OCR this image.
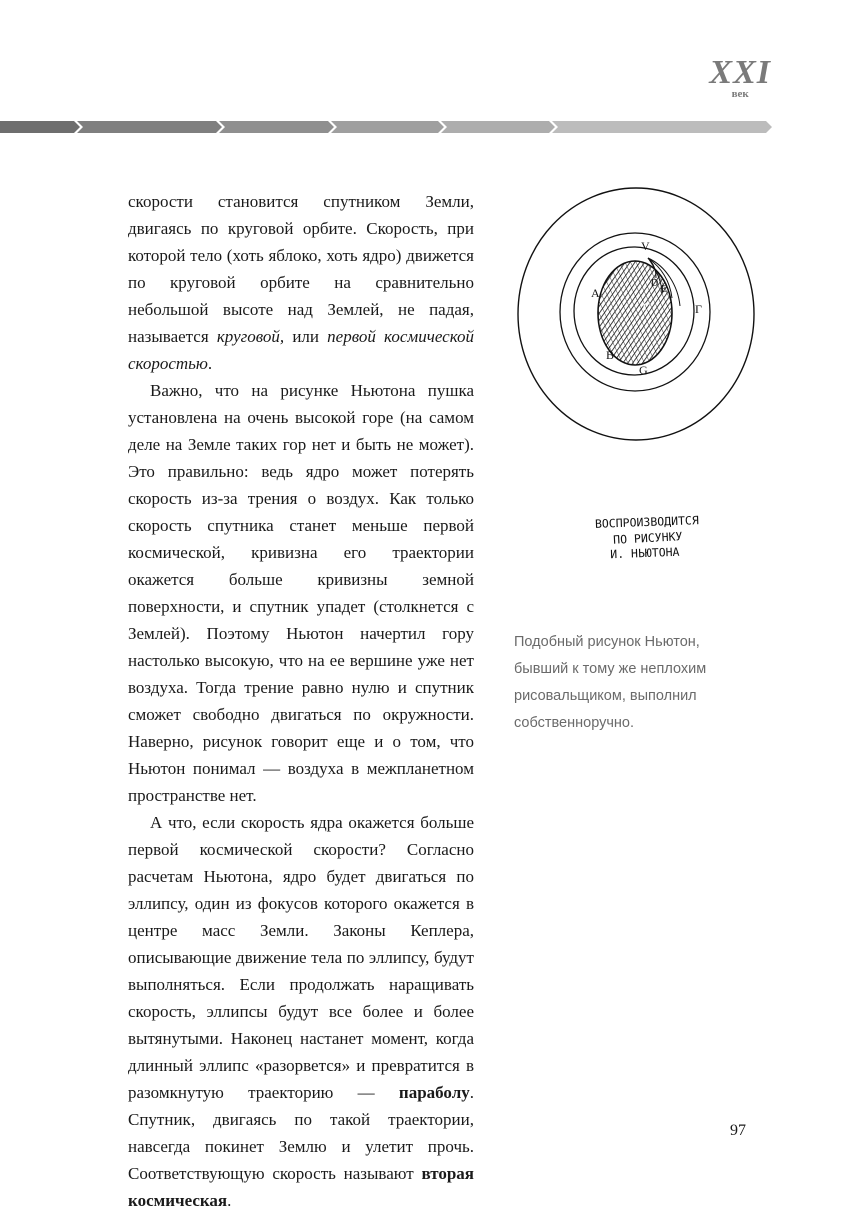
XXI
век

скорости становится спутником Земли, двигаясь по круговой орбите. Скорость, при которой тело (хоть яблоко, хоть ядро) движется по круговой орбите на сравнительно небольшой высоте над Землей, не падая, называется круговой, или первой космической скоростью.

Важно, что на рисунке Ньютона пушка установлена на очень высокой горе (на самом деле на Земле таких гор нет и быть не может). Это правильно: ведь ядро может потерять скорость из-за трения о воздух. Как только скорость спутника станет меньше первой космической, кривизна его траектории окажется больше кривизны земной поверхности, и спутник упадет (столкнется с Землей). Поэтому Ньютон начертил гору настолько высокую, что на ее вершине уже нет воздуха. Тогда трение равно нулю и спутник сможет свободно двигаться по окружности. Наверно, рисунок говорит еще и о том, что Ньютон понимал — воздуха в межпланетном пространстве нет.

А что, если скорость ядра окажется больше первой космической скорости? Согласно расчетам Ньютона, ядро будет двигаться по эллипсу, один из фокусов которого окажется в центре масс Земли. Законы Кеплера, описывающие движение тела по эллипсу, будут выполняться. Если продолжать наращивать скорость, эллипсы будут все более и более вытянутыми. Наконец настанет момент, когда длинный эллипс «разорвется» и превратится в разомкнутую траекторию — параболу. Спутник, двигаясь по такой траектории, навсегда покинет Землю и улетит прочь. Соответствующую скорость называют вторая космическая.

V
A
D
E
C	Γ
B
G
ВОСПРОИЗВОДИТСЯ
ПО РИСУНКУ
И. НЬЮТОНА
Подобный рисунок Ньютон, бывший к тому же неплохим рисовальщиком, выполнил собственноручно.
97
